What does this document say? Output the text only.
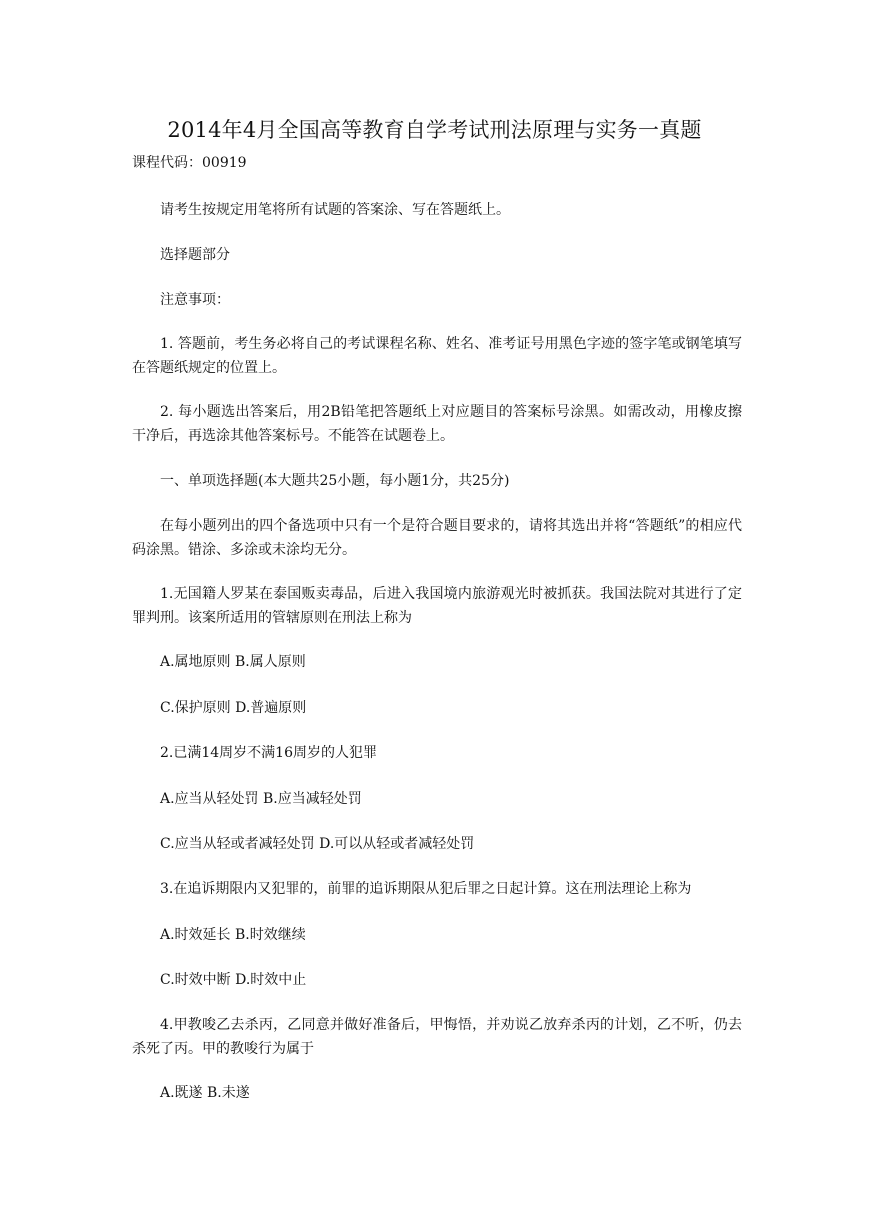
2014年4月全国高等教育自学考试刑法原理与实务一真题
课程代码：00919

请考生按规定用笔将所有试题的答案涂、写在答题纸上。

选择题部分

注意事项：

1. 答题前，考生务必将自己的考试课程名称、姓名、准考证号用黑色字迹的签字笔或钢笔填写在答题纸规定的位置上。

2. 每小题选出答案后，用2B铅笔把答题纸上对应题目的答案标号涂黑。如需改动，用橡皮擦干净后，再选涂其他答案标号。不能答在试题卷上。

一、单项选择题(本大题共25小题，每小题1分，共25分)

在每小题列出的四个备选项中只有一个是符合题目要求的，请将其选出并将“答题纸”的相应代码涂黑。错涂、多涂或未涂均无分。

1.无国籍人罗某在泰国贩卖毒品，后进入我国境内旅游观光时被抓获。我国法院对其进行了定罪判刑。该案所适用的管辖原则在刑法上称为

A.属地原则 B.属人原则

C.保护原则 D.普遍原则

2.已满14周岁不满16周岁的人犯罪

A.应当从轻处罚 B.应当减轻处罚

C.应当从轻或者减轻处罚 D.可以从轻或者减轻处罚

3.在追诉期限内又犯罪的，前罪的追诉期限从犯后罪之日起计算。这在刑法理论上称为

A.时效延长 B.时效继续

C.时效中断 D.时效中止

4.甲教唆乙去杀丙，乙同意并做好准备后，甲悔悟，并劝说乙放弃杀丙的计划，乙不听，仍去杀死了丙。甲的教唆行为属于

A.既遂 B.未遂
